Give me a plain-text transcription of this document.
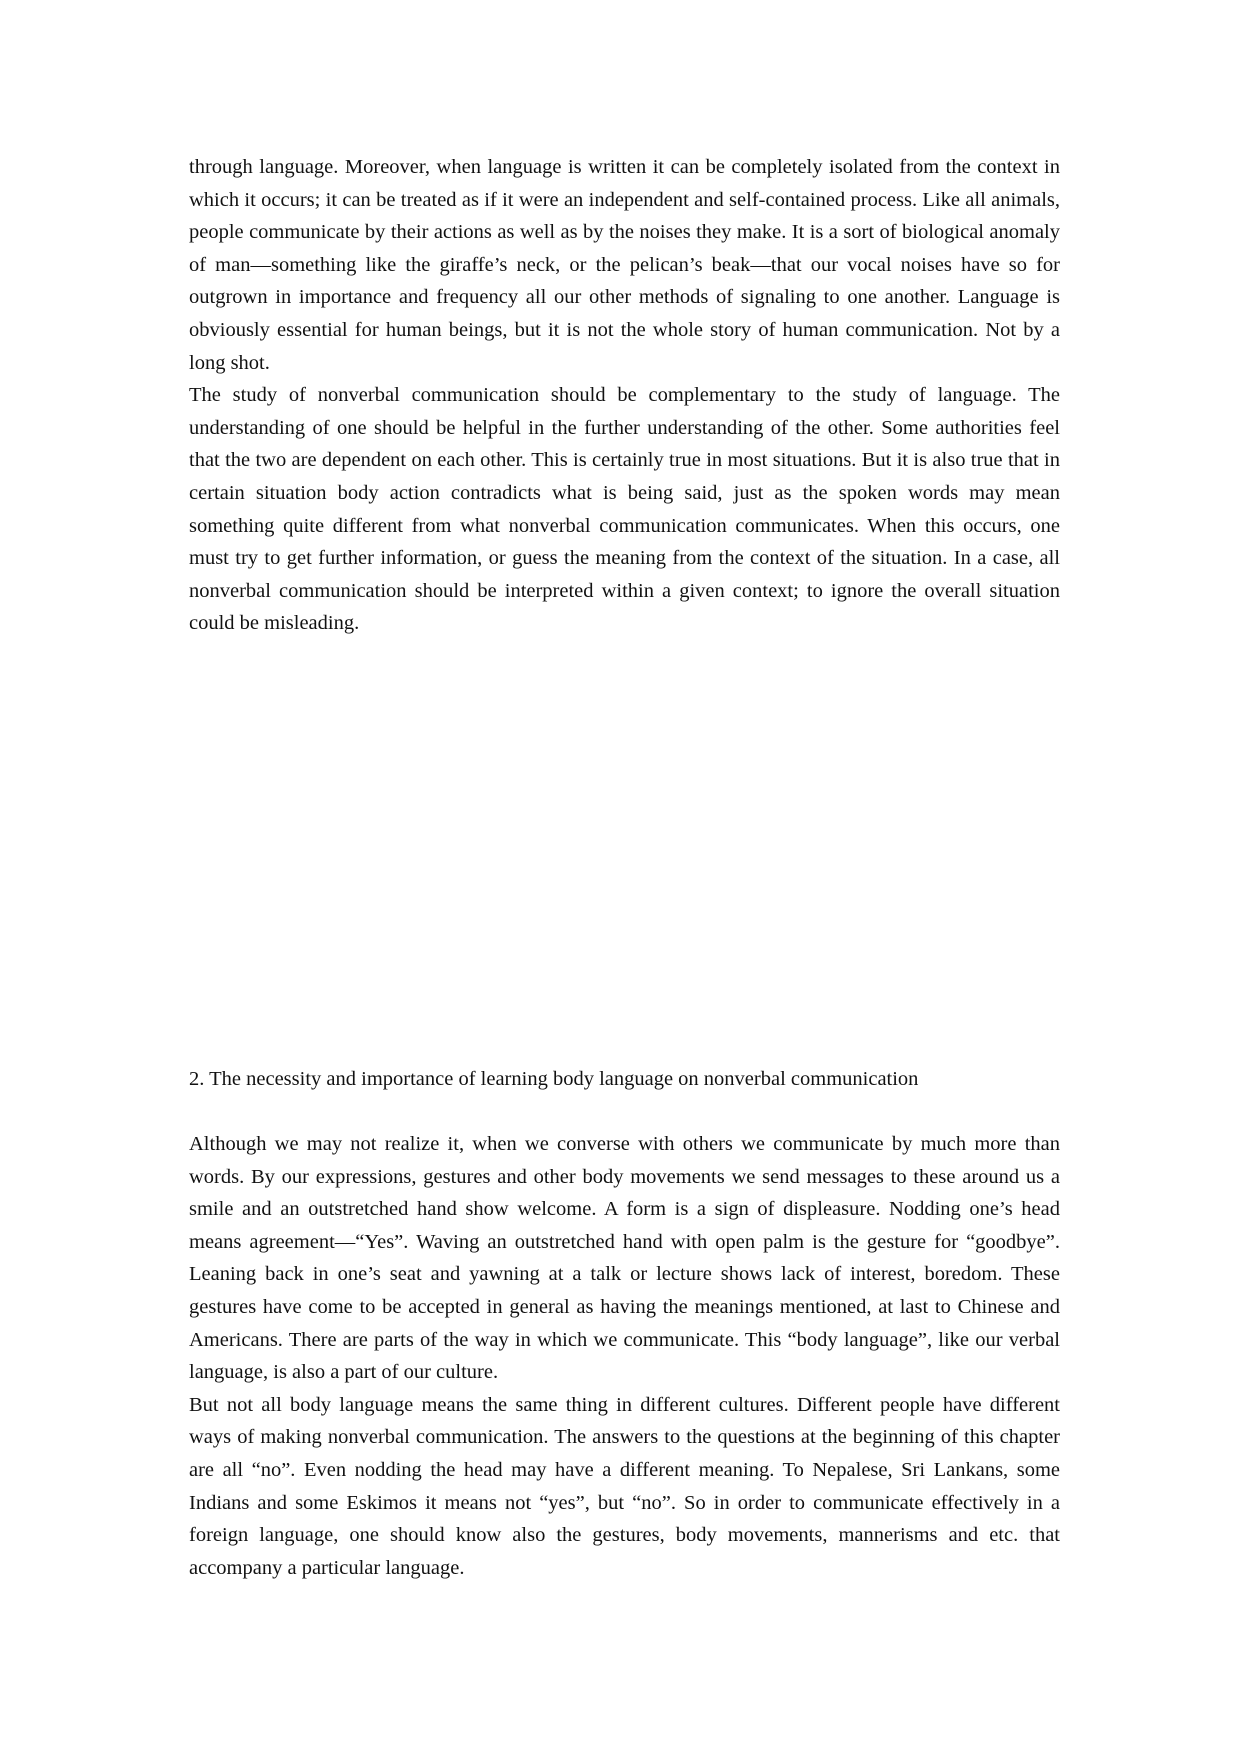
through language. Moreover, when language is written it can be completely isolated from the context in which it occurs; it can be treated as if it were an independent and self-contained process. Like all animals, people communicate by their actions as well as by the noises they make. It is a sort of biological anomaly of man—something like the giraffe’s neck, or the pelican’s beak—that our vocal noises have so for outgrown in importance and frequency all our other methods of signaling to one another. Language is obviously essential for human beings, but it is not the whole story of human communication. Not by a long shot.

The study of nonverbal communication should be complementary to the study of language. The understanding of one should be helpful in the further understanding of the other. Some authorities feel that the two are dependent on each other. This is certainly true in most situations. But it is also true that in certain situation body action contradicts what is being said, just as the spoken words may mean something quite different from what nonverbal communication communicates. When this occurs, one must try to get further information, or guess the meaning from the context of the situation. In a case, all nonverbal communication should be interpreted within a given context; to ignore the overall situation could be misleading.

2. The necessity and importance of learning body language on nonverbal communication

Although we may not realize it, when we converse with others we communicate by much more than words. By our expressions, gestures and other body movements we send messages to these around us a smile and an outstretched hand show welcome. A form is a sign of displeasure. Nodding one’s head means agreement—“Yes”. Waving an outstretched hand with open palm is the gesture for “goodbye”. Leaning back in one’s seat and yawning at a talk or lecture shows lack of interest, boredom. These gestures have come to be accepted in general as having the meanings mentioned, at last to Chinese and Americans. There are parts of the way in which we communicate. This “body language”, like our verbal language, is also a part of our culture.

But not all body language means the same thing in different cultures. Different people have different ways of making nonverbal communication. The answers to the questions at the beginning of this chapter are all “no”. Even nodding the head may have a different meaning. To Nepalese, Sri Lankans, some Indians and some Eskimos it means not “yes”, but “no”. So in order to communicate effectively in a foreign language, one should know also the gestures, body movements, mannerisms and etc. that accompany a particular language.
